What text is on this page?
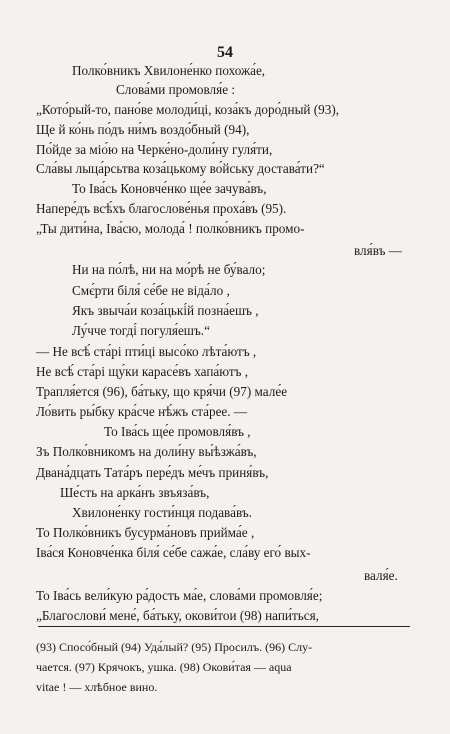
54
Полко́вникъ Хвилоне́нко похожа́е,
Слова́ми промовля́е :
„Кото́рый-то, пано́ве молоди́ці, коза́къ доро́дный (93),
Ще й ко́нь по́дъ ни́мъ воздо́бный (94),
По́йде за міо́ю на Черке́но-доли́ну гуля́ти,
Сла́вы лыца́рсьтва коза́цькому во́йську достава́ти?“
То Іва́сь Коновче́нко ще́е зачува́въ,
Напере́дъ всѣ́хъ благослове́нья проха́въ (95).
„Ты дити́на, Іва́сю, молода́ ! полко́вникъ промо-
вля́въ —
Ни на по́лѣ, ни на мо́рѣ не бу́вало;
Смє́рти біля́ се́бе не віда́ло ,
Якъ звыча́и коза́цькі́й позна́ешъ ,
Лу́чче тогді́ погуля́ешъ.“
— Не всѣ́ ста́рі пти́ці высо́ко лѣта́ютъ ,
Не всѣ́ ста́рі щу́ки карасе́въ хапа́ютъ ,
Трапля́ется (96), ба́тьку, що кря́чи (97) мале́е
Ло́вить ры́бку кра́сче нѣ́жъ ста́рее. —
То Іва́сь ще́е промовля́въ ,
Зъ Полко́вникомъ на доли́ну вы́ѣзжа́въ,
Двана́дцать Тата́ръ пере́дъ ме́чъ приня́въ,
Ше́сть на арка́нъ звъяза́въ,
Хвилоне́нку гости́нця подава́въ.
То Полко́вникъ бусурма́новъ прийма́е ,
Іва́ся Коновче́нка біля́ се́бе сажа́е, сла́ву его́ вых-
валя́е.
То Іва́сь вели́кую ра́дость ма́е, слова́ми промовля́е;
„Благослови́ мене́, ба́тьку, окови́тои (98) напи́ться,
(93) Спосо́бный (94) Уда́лый? (95) Просилъ. (96) Слу-
чается. (97) Крячокъ, ушка. (98) Окови́тая — aqua
vitae ! — хлѣбное вино.
